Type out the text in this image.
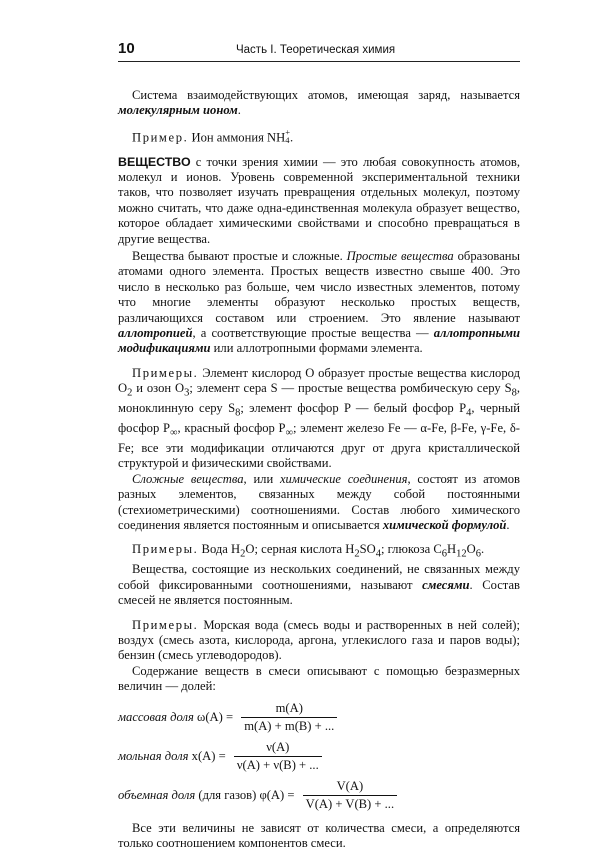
10	Часть I. Теоретическая химия

Система взаимодействующих атомов, имеющая заряд, называется молекулярным ионом.

Пример. Ион аммония NH +
4 .

ВЕЩЕСТВО с точки зрения химии — это любая совокупность атомов, молекул и ионов. Уровень современной экспериментальной техники таков, что позволяет изучать превращения отдельных молекул, поэтому можно считать, что даже одна-единственная молекула образует вещество, которое обладает химическими свойствами и способно превращаться в другие вещества.

Вещества бывают простые и сложные. Простые вещества образованы атомами одного элемента. Простых веществ известно свыше 400. Это число в несколько раз больше, чем число известных элементов, потому что многие элементы образуют несколько простых веществ, различающихся составом или строением. Это явление называют аллотропией, а соответствующие простые вещества — аллотропными модификациями или аллотропными формами элемента.

Примеры. Элемент кислород O образует простые вещества кислород $O_2$ и озон $O_3$; элемент сера S — простые вещества ромбическую серу $S_8$, моноклинную серу $S_8$; элемент фосфор P — белый фосфор $P_4$, черный фосфор $P_\infty$, красный фосфор $P_\infty$; элемент железо Fe — α-Fe, β-Fe, γ-Fe, δ-Fe; все эти модификации отличаются друг от друга кристаллической структурой и физическими свойствами.

Сложные вещества, или химические соединения, состоят из атомов разных элементов, связанных между собой постоянными (стехиометрическими) соотношениями. Состав любого химического соединения является постоянным и описывается химической формулой.

Примеры. Вода $H_2O$; серная кислота $H_2SO_4$; глюкоза $C_6H_{12}O_6$.

Вещества, состоящие из нескольких соединений, не связанных между собой фиксированными соотношениями, называют смесями. Состав смесей не является постоянным.

Примеры. Морская вода (смесь воды и растворенных в ней солей); воздух (смесь азота, кислорода, аргона, углекислого газа и паров воды); бензин (смесь углеводородов).

Содержание веществ в смеси описывают с помощью безразмерных величин — долей:

массовая доля $\omega(A) = \frac{m(A)}{m(A) + m(B) + ...}$
мольная доля $x(A) = \frac{\nu(A)}{\nu(A) + \nu(B) + ...}$
объемная доля (для газов) $\varphi(A) = \frac{V(A)}{V(A) + V(B) + ...}$

Все эти величины не зависят от количества смеси, а определяются только соотношением компонентов смеси.
